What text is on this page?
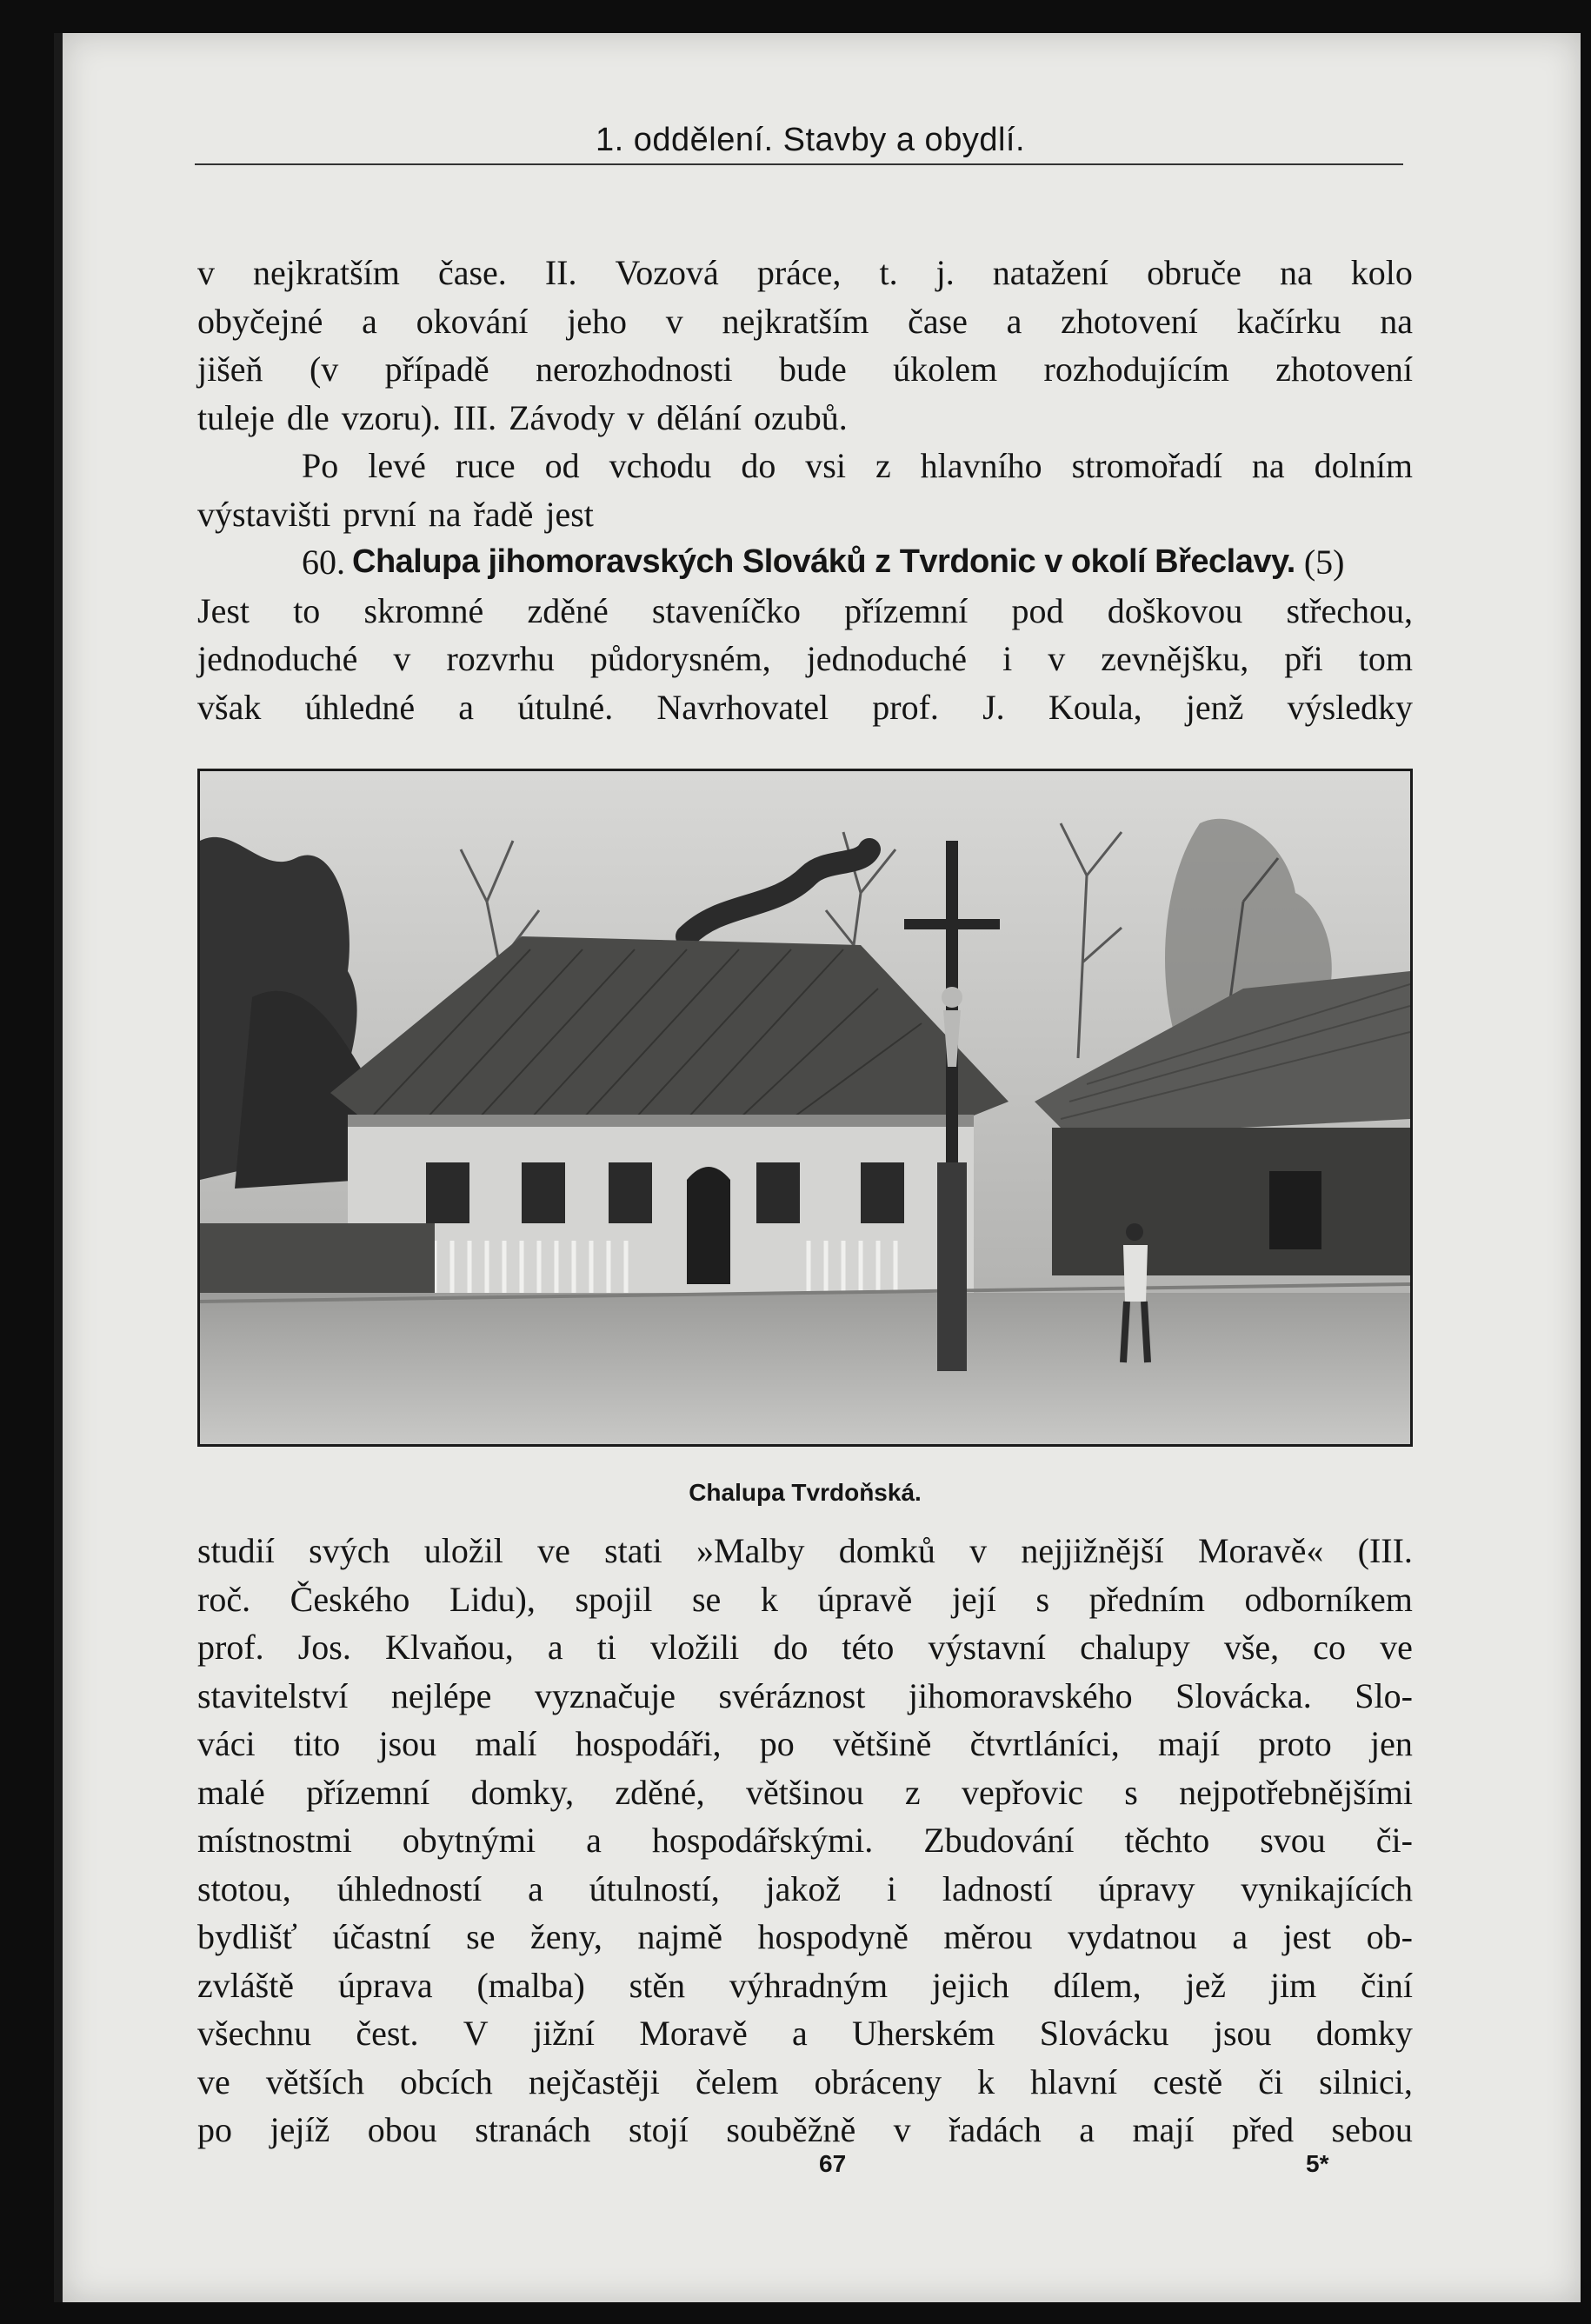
1. oddělení. Stavby a obydlí.
v nejkratším čase. II. Vozová práce, t. j. natažení obruče na kolo
obyčejné a okování jeho v nejkratším čase a zhotovení kačírku na
jišeň (v případě nerozhodnosti bude úkolem rozhodujícím zhotovení
tuleje dle vzoru). III. Závody v dělání ozubů.
Po levé ruce od vchodu do vsi z hlavního stromořadí na dolním
výstavišti první na řadě jest
60. Chalupa jihomoravských Slováků z Tvrdonic v okolí Břeclavy. (5)
Jest to skromné zděné staveníčko přízemní pod doškovou střechou,
jednoduché v rozvrhu půdorysném, jednoduché i v zevnějšku, při tom
však úhledné a útulné. Navrhovatel prof. J. Koula, jenž výsledky
Chalupa Tvrdoňská.
studií svých uložil ve stati »Malby domků v nejjižnější Moravě« (III.
roč. Českého Lidu), spojil se k úpravě její s předním odborníkem
prof. Jos. Klvaňou, a ti vložili do této výstavní chalupy vše, co ve
stavitelství nejlépe vyznačuje svéráznost jihomoravského Slovácka. Slo-
váci tito jsou malí hospodáři, po většině čtvrtláníci, mají proto jen
malé přízemní domky, zděné, většinou z vepřovic s nejpotřebnějšími
místnostmi obytnými a hospodářskými. Zbudování těchto svou či-
stotou, úhledností a útulností, jakož i ladností úpravy vynikajících
bydlišť účastní se ženy, najmě hospodyně měrou vydatnou a jest ob-
zvláště úprava (malba) stěn výhradným jejich dílem, jež jim činí
všechnu čest. V jižní Moravě a Uherském Slovácku jsou domky
ve větších obcích nejčastěji čelem obráceny k hlavní cestě či silnici,
po jejíž obou stranách stojí souběžně v řadách a mají před sebou
67	5*
